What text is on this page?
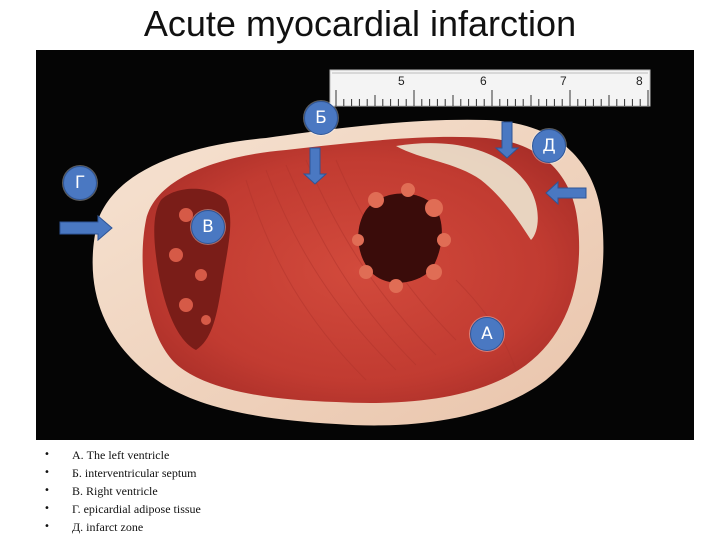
Acute myocardial infarction
5	6	7	8
Б
Д
Г
В
А
• А. The left ventricle
• Б. interventricular septum
• В. Right ventricle
• Г. epicardial adipose tissue
• Д. infarct zone
